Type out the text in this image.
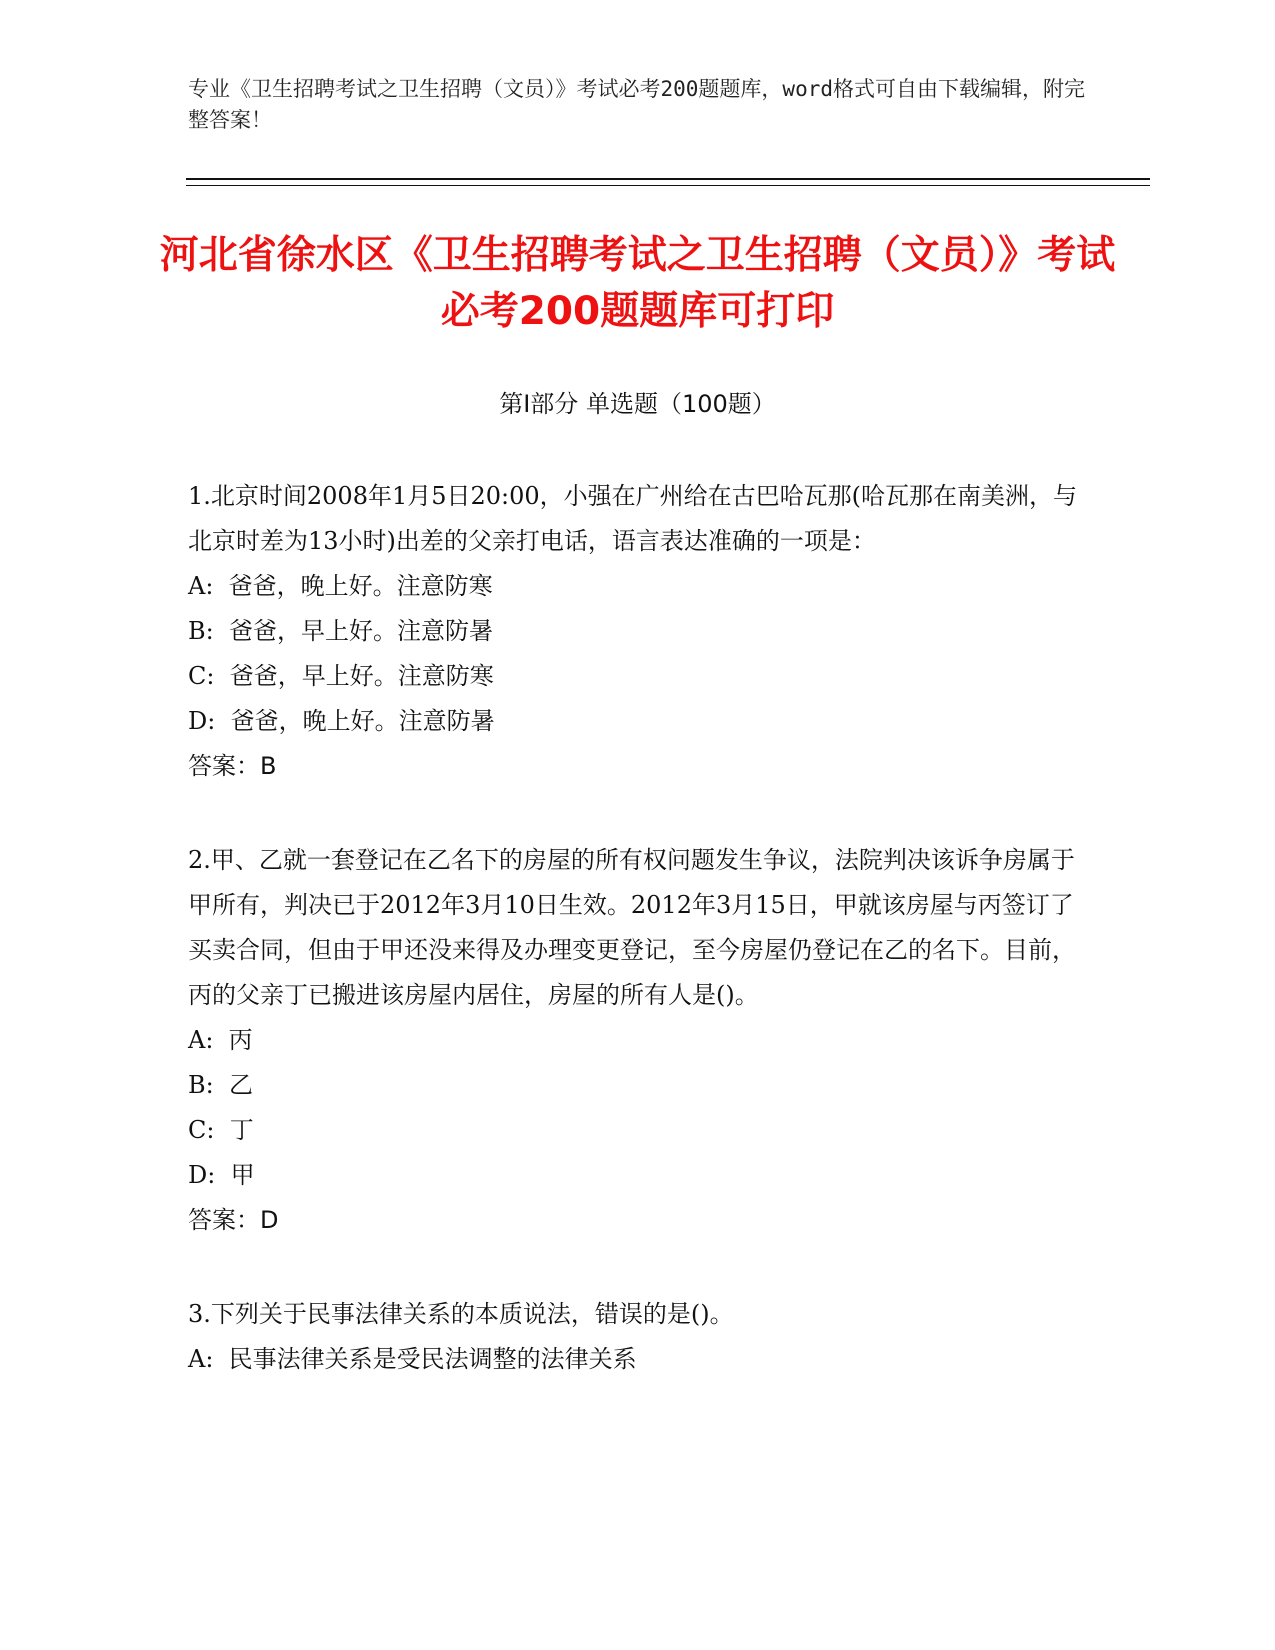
专业《卫生招聘考试之卫生招聘（文员）》考试必考200题题库，word格式可自由下载编辑，附完整答案！
河北省徐水区《卫生招聘考试之卫生招聘（文员）》考试必考200题题库可打印
第Ⅰ部分 单选题（100题）
1.北京时间2008年1月5日20:00，小强在广州给在古巴哈瓦那(哈瓦那在南美洲，与北京时差为13小时)出差的父亲打电话，语言表达准确的一项是：
A:  爸爸，晚上好。注意防寒
B:  爸爸，早上好。注意防暑
C:  爸爸，早上好。注意防寒
D:  爸爸，晚上好。注意防暑
答案：B
2.甲、乙就一套登记在乙名下的房屋的所有权问题发生争议，法院判决该诉争房属于甲所有，判决已于2012年3月10日生效。2012年3月15日，甲就该房屋与丙签订了买卖合同，但由于甲还没来得及办理变更登记，至今房屋仍登记在乙的名下。目前，丙的父亲丁已搬进该房屋内居住，房屋的所有人是()。
A:  丙
B:  乙
C:  丁
D:  甲
答案：D
3.下列关于民事法律关系的本质说法，错误的是()。
A:  民事法律关系是受民法调整的法律关系
